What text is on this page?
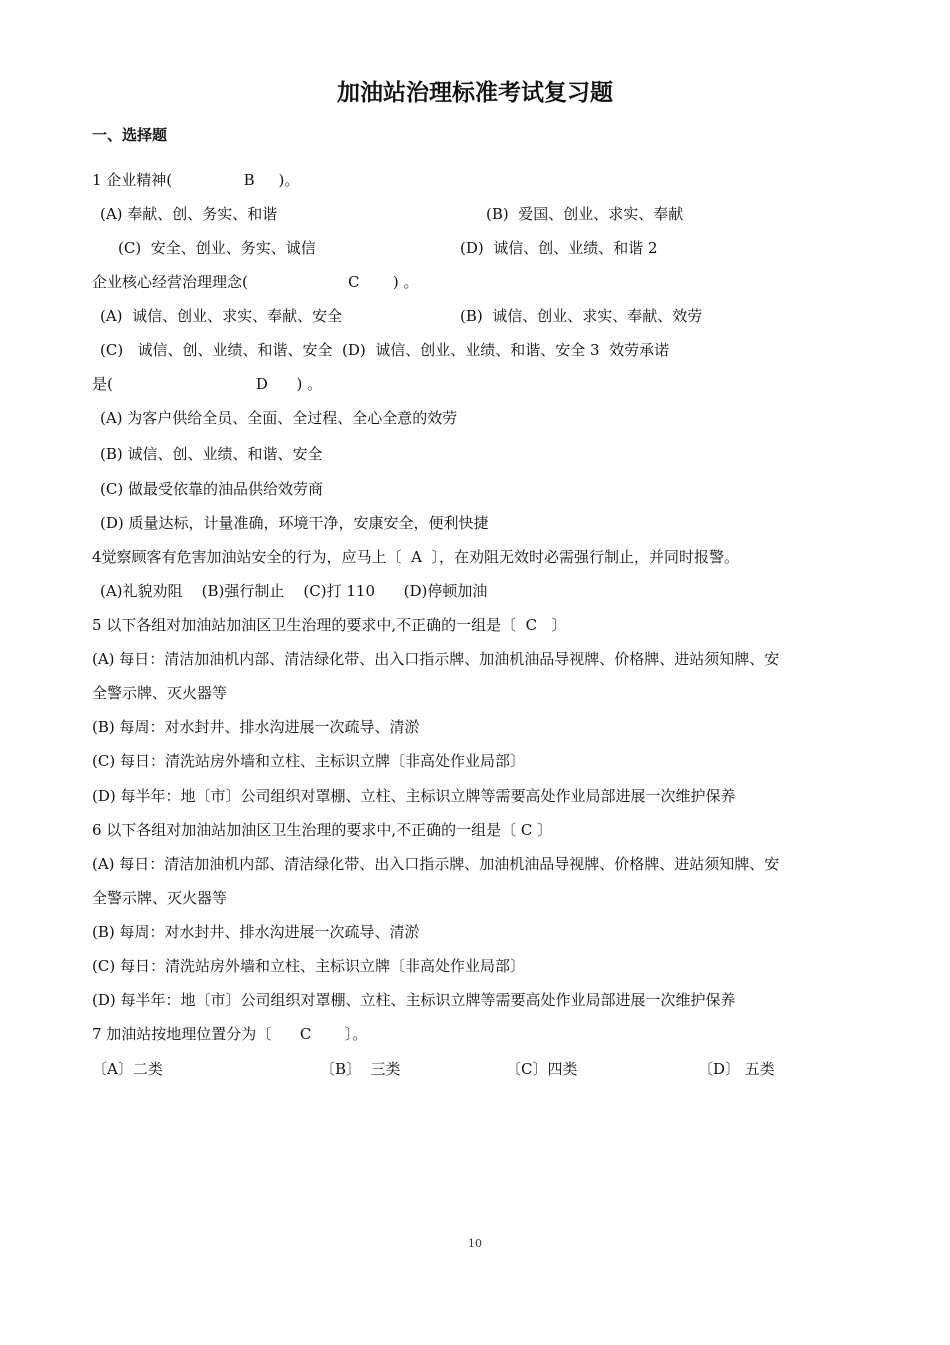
加油站治理标准考试复习题
一、选择题
1 企业精神(               B     )。
(A) 奉献、创、务实、和谐	(B)  爱国、创业、求实、奉献
(C)  安全、创业、务实、诚信	(D)  诚信、创、业绩、和谐 2
企业核心经营治理理念(                     C       ) 。
(A)  诚信、创业、求实、奉献、安全	(B)  诚信、创业、求实、奉献、效劳
(C)   诚信、创、业绩、和谐、安全  (D)  诚信、创业、业绩、和谐、安全 3  效劳承诺
是(                              D      ) 。
(A) 为客户供给全员、全面、全过程、全心全意的效劳
(B) 诚信、创、业绩、和谐、安全
(C) 做最受依靠的油品供给效劳商
(D) 质量达标，计量准确，环境干净，安康安全，便利快捷
4觉察顾客有危害加油站安全的行为，应马上〔  A  〕，在劝阻无效时必需强行制止，并同时报警。
(A)礼貌劝阻    (B)强行制止    (C)打 110      (D)停顿加油
5 以下各组对加油站加油区卫生治理的要求中,不正确的一组是〔  C   〕
(A) 每日：清洁加油机内部、清洁绿化带、出入口指示牌、加油机油品导视牌、价格牌、进站须知牌、安
全警示牌、灭火器等
(B) 每周：对水封井、排水沟进展一次疏导、清淤
(C) 每日：清洗站房外墙和立柱、主标识立牌〔非高处作业局部〕
(D) 每半年：地〔市〕公司组织对罩棚、立柱、主标识立牌等需要高处作业局部进展一次维护保养
6 以下各组对加油站加油区卫生治理的要求中,不正确的一组是〔 C 〕
(A) 每日：清洁加油机内部、清洁绿化带、出入口指示牌、加油机油品导视牌、价格牌、进站须知牌、安
全警示牌、灭火器等
(B) 每周：对水封井、排水沟进展一次疏导、清淤
(C) 每日：清洗站房外墙和立柱、主标识立牌〔非高处作业局部〕
(D) 每半年：地〔市〕公司组织对罩棚、立柱、主标识立牌等需要高处作业局部进展一次维护保养
7 加油站按地理位置分为〔      C       〕。
〔A〕二类	〔B〕  三类	〔C〕四类	〔D〕 五类
10
